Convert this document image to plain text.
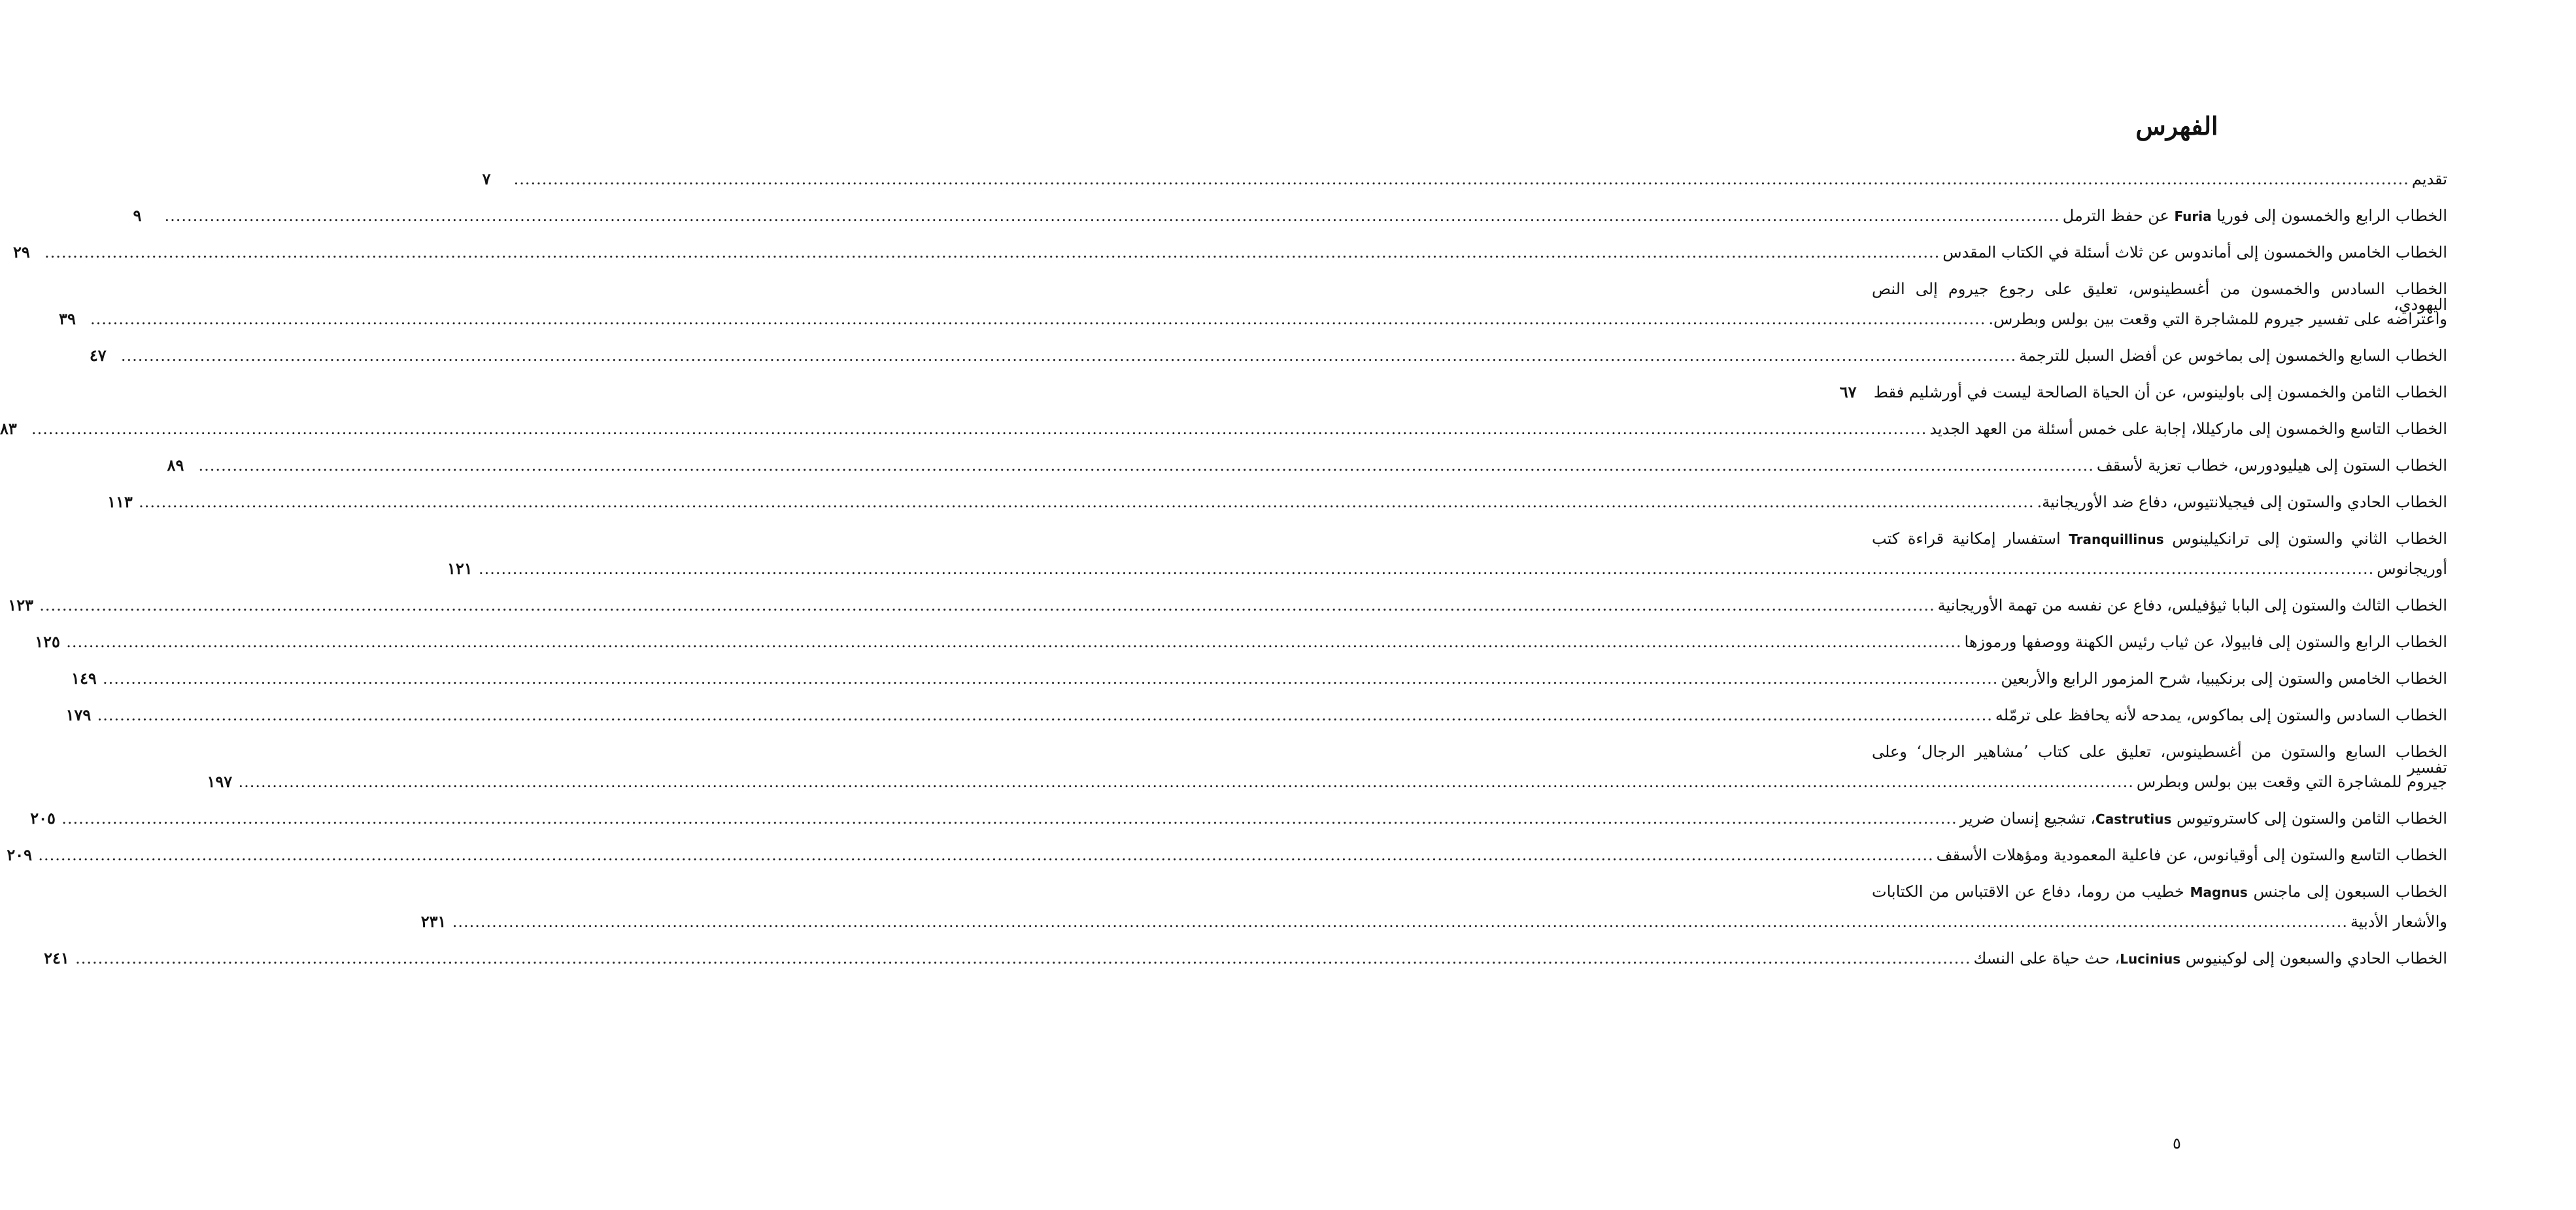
الفهرس
تقديم
.....
٧
الخطاب الرابع والخمسون إلى فوريا Furia عن حفظ الترمل
.....
٩
الخطاب الخامس والخمسون إلى أماندوس عن ثلاث أسئلة في الكتاب المقدس
.....
٢٩
الخطاب السادس والخمسون من أغسطينوس، تعليق على رجوع جيروم إلى النص اليهودي،
واعتراضه على تفسير جيروم للمشاجرة التي وقعت بين بولس وبطرس.
.....
٣٩
الخطاب السابع والخمسون إلى بماخوس عن أفضل السبل للترجمة
.....
٤٧
الخطاب الثامن والخمسون إلى باولينوس، عن أن الحياة الصالحة ليست في أورشليم فقط
٦٧
الخطاب التاسع والخمسون إلى ماركيللا، إجابة على خمس أسئلة من العهد الجديد
.....
٨٣
الخطاب الستون إلى هيليودورس، خطاب تعزية لأسقف
.....
٨٩
الخطاب الحادي والستون إلى فيجيلانتيوس، دفاع ضد الأوريجانية.
.....
١١٣
الخطاب الثاني والستون إلى ترانكيلينوس Tranquillinus استفسار إمكانية قراءة كتب
أوريجانوس
.....
١٢١
الخطاب الثالث والستون إلى البابا ثيؤفيلس، دفاع عن نفسه من تهمة الأوريجانية
.....
١٢٣
الخطاب الرابع والستون إلى فابيولا، عن ثياب رئيس الكهنة ووصفها ورموزها
.....
١٢٥
الخطاب الخامس والستون إلى برنكيبيا، شرح المزمور الرابع والأربعين
.....
١٤٩
الخطاب السادس والستون إلى بماكوس، يمدحه لأنه يحافظ على ترمّله
.....
١٧٩
الخطاب السابع والستون من أغسطينوس، تعليق على كتاب ’مشاهير الرجال‘ وعلى تفسير
جيروم للمشاجرة التي وقعت بين بولس وبطرس
.....
١٩٧
الخطاب الثامن والستون إلى كاستروتيوس Castrutius، تشجيع إنسان ضرير
.....
٢٠٥
الخطاب التاسع والستون إلى أوقيانوس، عن فاعلية المعمودية ومؤهلات الأسقف
.....
٢٠٩
الخطاب السبعون إلى ماجنس Magnus خطيب من روما، دفاع عن الاقتباس من الكتابات
والأشعار الأدبية
.....
٢٣١
الخطاب الحادي والسبعون إلى لوكينيوس Lucinius، حث حياة على النسك
.....
٢٤١
٥
